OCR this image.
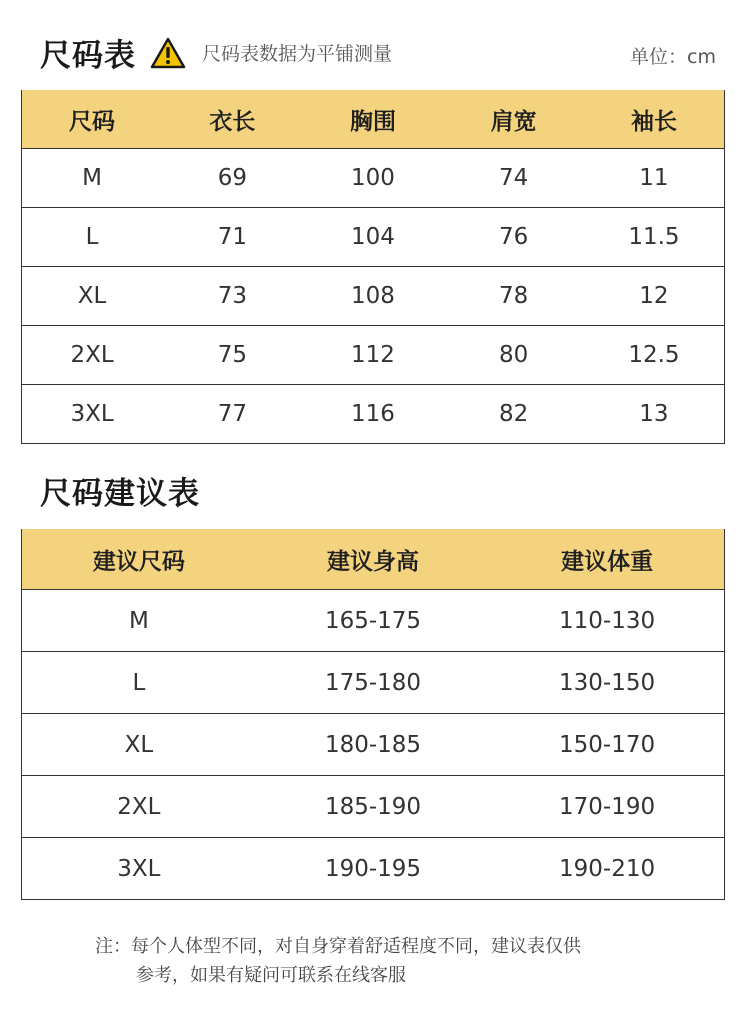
尺码表	尺码表数据为平铺测量	单位：cm
尺码	衣长	胸围	肩宽	袖长
M	69	100	74	11
L	71	104	76	11.5
XL	73	108	78	12
2XL	75	112	80	12.5
3XL	77	116	82	13
尺码建议表
建议尺码	建议身高	建议体重
M	165-175	110-130
L	175-180	130-150
XL	180-185	150-170
2XL	185-190	170-190
3XL	190-195	190-210
注：每个人体型不同，对自身穿着舒适程度不同，建议表仅供
参考，如果有疑问可联系在线客服
